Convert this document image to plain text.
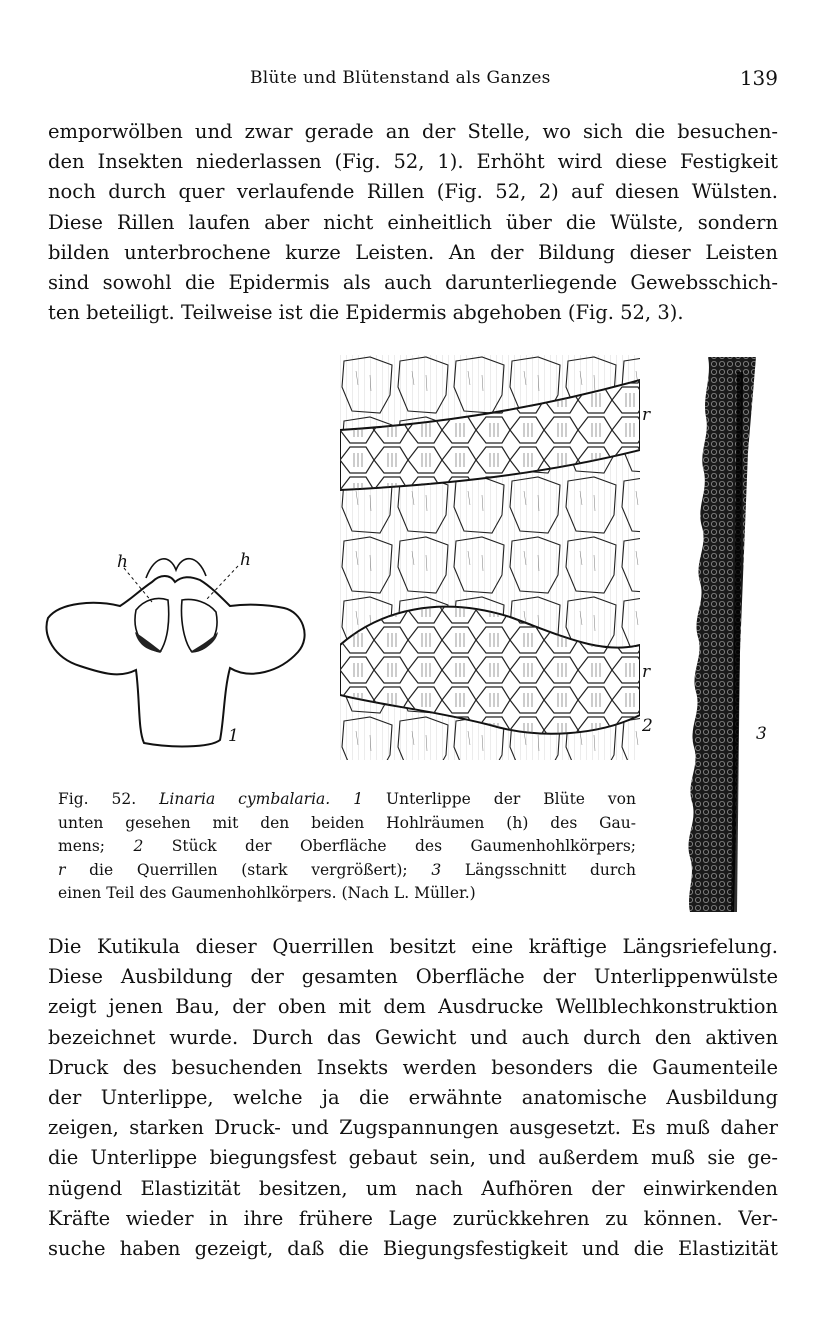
Blüte und Blütenstand als Ganzes	139
emporwölben und zwar gerade an der Stelle, wo sich die besuchen-
den Insekten niederlassen (Fig. 52, 1). Erhöht wird diese Festigkeit
noch durch quer verlaufende Rillen (Fig. 52, 2) auf diesen Wülsten.
Diese Rillen laufen aber nicht einheitlich über die Wülste, sondern
bilden unterbrochene kurze Leisten. An der Bildung dieser Leisten
sind sowohl die Epidermis als auch darunterliegende Gewebsschich-
ten beteiligt. Teilweise ist die Epidermis abgehoben (Fig. 52, 3).
h	h
1
r
r
2	3
Fig. 52. Linaria cymbalaria. 1 Unterlippe der Blüte von
unten gesehen mit den beiden Hohlräumen (h) des Gau-
mens; 2 Stück der Oberfläche des Gaumenhohlkörpers;
r die Querrillen (stark vergrößert); 3 Längsschnitt durch
einen Teil des Gaumenhohlkörpers. (Nach L. Müller.)
Die Kutikula dieser Querrillen besitzt eine kräftige Längsriefelung.
Diese Ausbildung der gesamten Oberfläche der Unterlippenwülste
zeigt jenen Bau, der oben mit dem Ausdrucke Wellblechkonstruktion
bezeichnet wurde. Durch das Gewicht und auch durch den aktiven
Druck des besuchenden Insekts werden besonders die Gaumenteile
der Unterlippe, welche ja die erwähnte anatomische Ausbildung
zeigen, starken Druck- und Zugspannungen ausgesetzt. Es muß daher
die Unterlippe biegungsfest gebaut sein, und außerdem muß sie ge-
nügend Elastizität besitzen, um nach Aufhören der einwirkenden
Kräfte wieder in ihre frühere Lage zurückkehren zu können. Ver-
suche haben gezeigt, daß die Biegungsfestigkeit und die Elastizität
